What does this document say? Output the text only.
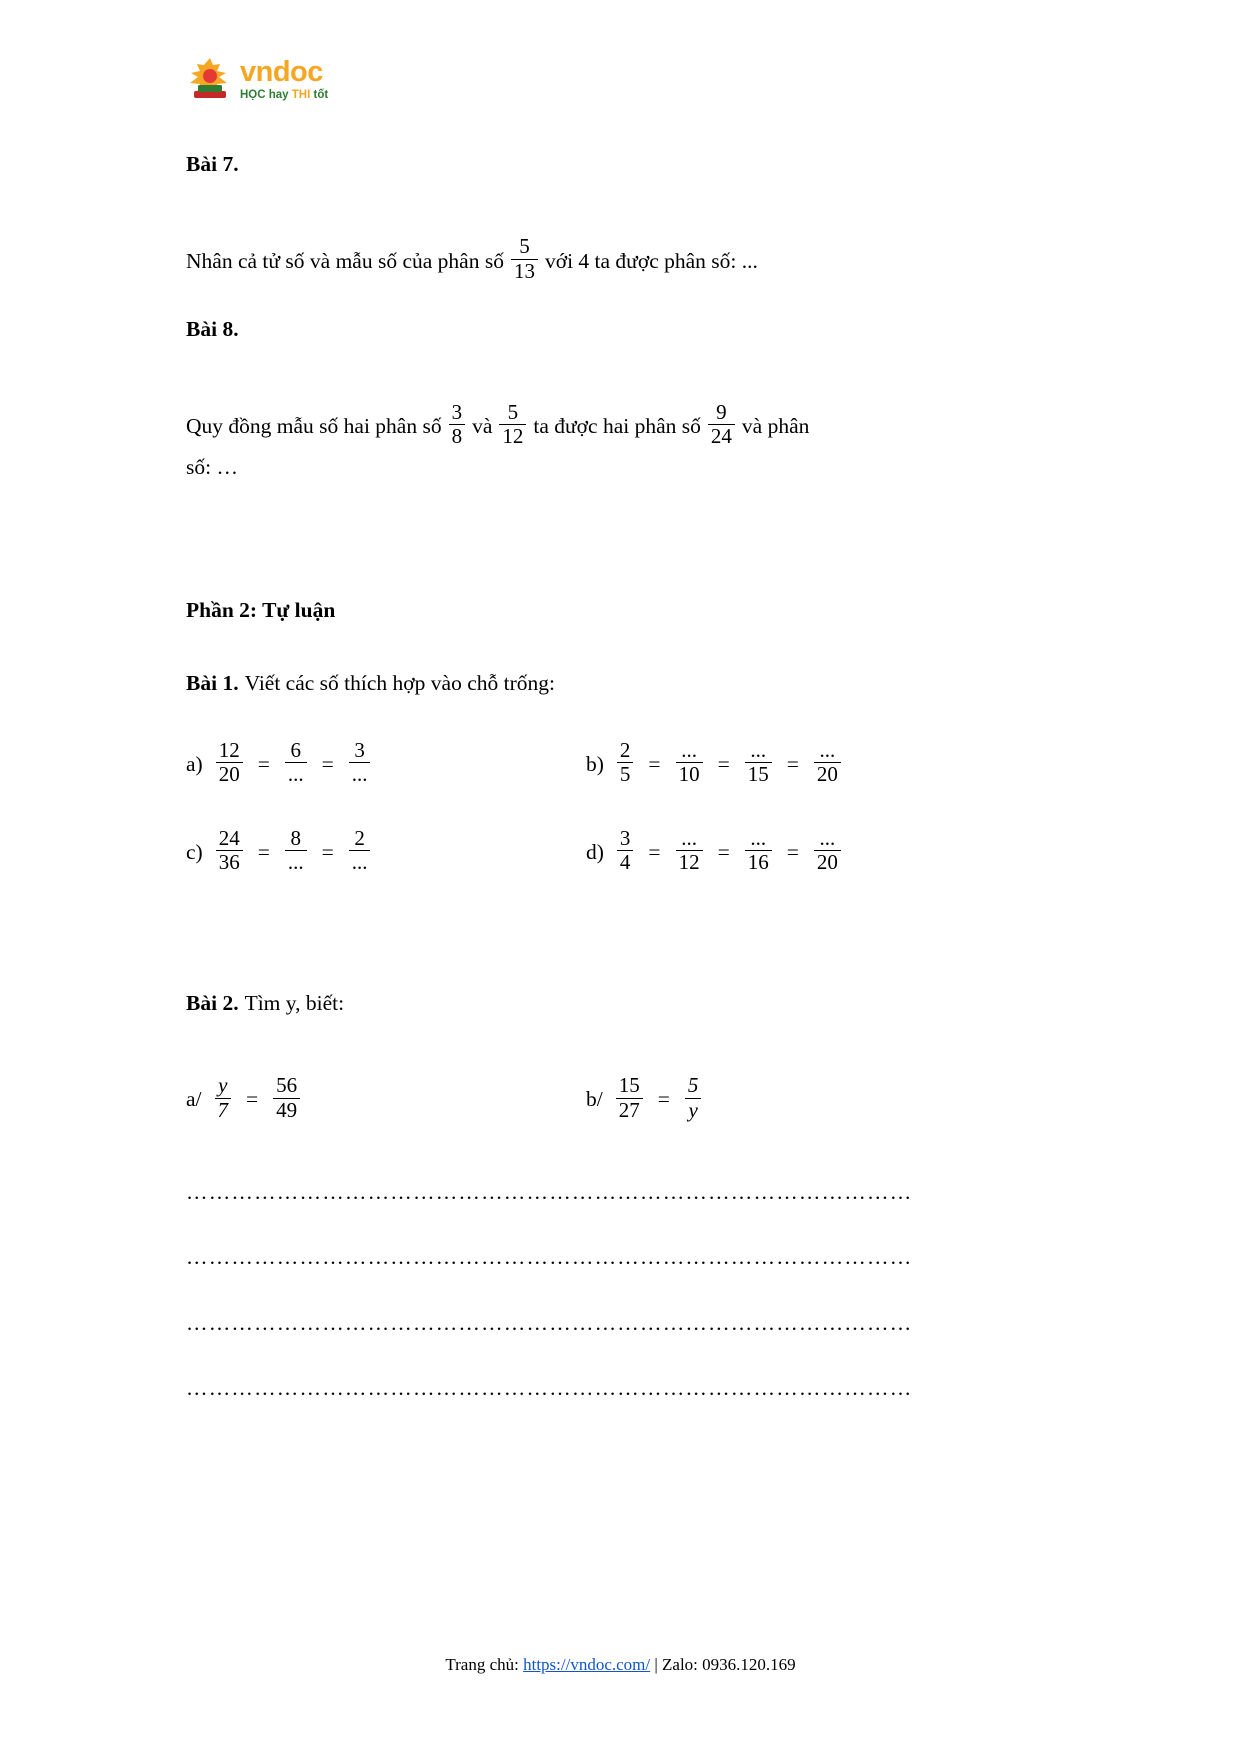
vndoc
HỌC hay THI tốt
Bài 7.
Nhân cả tử số và mẫu số của phân số $\frac{5}{13}$ với 4 ta được phân số: ...
Bài 8.
Quy đồng mẫu số hai phân số $\frac{3}{8}$ và $\frac{5}{12}$ ta được hai phân số $\frac{9}{24}$ và phân
số: …
Phần 2: Tự luận
Bài 1. Viết các số thích hợp vào chỗ trống:
$a) \frac{12}{20} = \frac{6}{...} = \frac{3}{...}$	$b) \frac{2}{5} = \frac{...}{10} = \frac{...}{15} = \frac{...}{20}$
$c) \frac{24}{36} = \frac{8}{...} = \frac{2}{...}$	$d) \frac{3}{4} = \frac{...}{12} = \frac{...}{16} = \frac{...}{20}$
Bài 2. Tìm y, biết:
$a/ \frac{y}{7} = \frac{56}{49}$	$b/ \frac{15}{27} = \frac{5}{y}$
……………………………………………………………………………………
……………………………………………………………………………………
……………………………………………………………………………………
……………………………………………………………………………………
Trang chủ: https://vndoc.com/ | Zalo: 0936.120.169
